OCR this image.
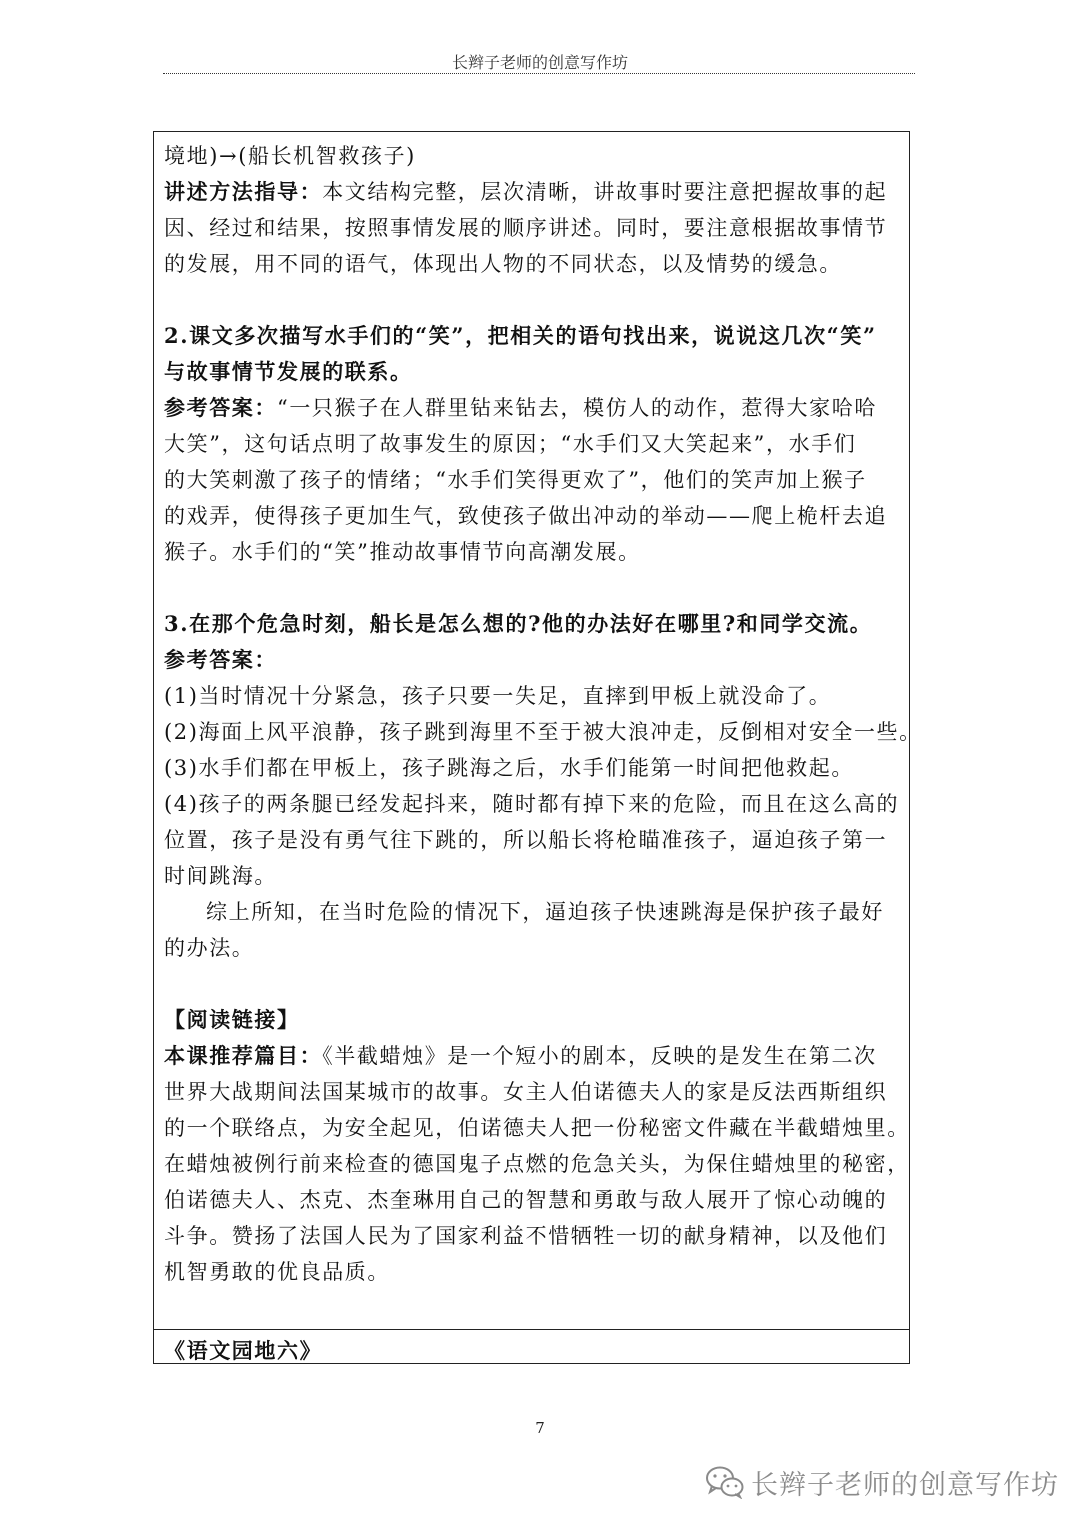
长辫子老师的创意写作坊
境地)→(船长机智救孩子)
讲述方法指导：本文结构完整，层次清晰，讲故事时要注意把握故事的起
因、经过和结果，按照事情发展的顺序讲述。同时，要注意根据故事情节
的发展，用不同的语气，体现出人物的不同状态，以及情势的缓急。
2.课文多次描写水手们的“笑”，把相关的语句找出来，说说这几次“笑”
与故事情节发展的联系。
参考答案：“一只猴子在人群里钻来钻去，模仿人的动作，惹得大家哈哈
大笑”，这句话点明了故事发生的原因；“水手们又大笑起来”，水手们
的大笑刺激了孩子的情绪；“水手们笑得更欢了”，他们的笑声加上猴子
的戏弄，使得孩子更加生气，致使孩子做出冲动的举动——爬上桅杆去追
猴子。水手们的“笑”推动故事情节向高潮发展。
3.在那个危急时刻，船长是怎么想的?他的办法好在哪里?和同学交流。
参考答案：
(1)当时情况十分紧急，孩子只要一失足，直摔到甲板上就没命了。
(2)海面上风平浪静，孩子跳到海里不至于被大浪冲走，反倒相对安全一些。
(3)水手们都在甲板上，孩子跳海之后，水手们能第一时间把他救起。
(4)孩子的两条腿已经发起抖来，随时都有掉下来的危险，而且在这么高的
位置，孩子是没有勇气往下跳的，所以船长将枪瞄准孩子，逼迫孩子第一
时间跳海。
综上所知，在当时危险的情况下，逼迫孩子快速跳海是保护孩子最好
的办法。
【阅读链接】
本课推荐篇目：《半截蜡烛》是一个短小的剧本，反映的是发生在第二次
世界大战期间法国某城市的故事。女主人伯诺德夫人的家是反法西斯组织
的一个联络点，为安全起见，伯诺德夫人把一份秘密文件藏在半截蜡烛里。
在蜡烛被例行前来检查的德国鬼子点燃的危急关头，为保住蜡烛里的秘密，
伯诺德夫人、杰克、杰奎琳用自己的智慧和勇敢与敌人展开了惊心动魄的
斗争。赞扬了法国人民为了国家利益不惜牺牲一切的献身精神，以及他们
机智勇敢的优良品质。
《语文园地六》
7
长辫子老师的创意写作坊
